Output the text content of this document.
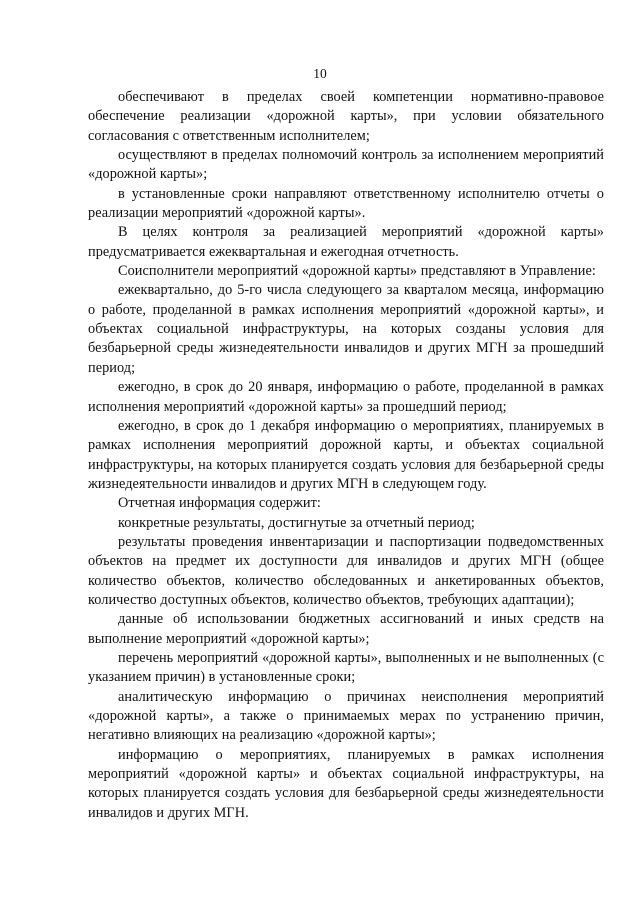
10

обеспечивают в пределах своей компетенции нормативно-правовое обеспечение реализации «дорожной карты», при условии обязательного согласования с ответственным исполнителем;

осуществляют в пределах полномочий контроль за исполнением мероприятий «дорожной карты»;

в установленные сроки направляют ответственному исполнителю отчеты о реализации мероприятий «дорожной карты».

В целях контроля за реализацией мероприятий «дорожной карты» предусматривается ежеквартальная и ежегодная отчетность.

Соисполнители мероприятий «дорожной карты» представляют в Управление:

ежеквартально, до 5-го числа следующего за кварталом месяца, информацию о работе, проделанной в рамках исполнения мероприятий «дорожной карты», и объектах социальной инфраструктуры, на которых созданы условия для безбарьерной среды жизнедеятельности инвалидов и других МГН за прошедший период;

ежегодно, в срок до 20 января, информацию о работе, проделанной в рамках исполнения мероприятий «дорожной карты» за прошедший период;

ежегодно, в срок до 1 декабря информацию о мероприятиях, планируемых в рамках исполнения мероприятий дорожной карты, и объектах социальной инфраструктуры, на которых планируется создать условия для безбарьерной среды жизнедеятельности инвалидов и других МГН в следующем году.

Отчетная информация содержит:

конкретные результаты, достигнутые за отчетный период;

результаты проведения инвентаризации и паспортизации подведомственных объектов на предмет их доступности для инвалидов и других МГН (общее количество объектов, количество обследованных и анкетированных объектов, количество доступных объектов, количество объектов, требующих адаптации);

данные об использовании бюджетных ассигнований и иных средств на выполнение мероприятий «дорожной карты»;

перечень мероприятий «дорожной карты», выполненных и не выполненных (с указанием причин) в установленные сроки;

аналитическую информацию о причинах неисполнения мероприятий «дорожной карты», а также о принимаемых мерах по устранению причин, негативно влияющих на реализацию «дорожной карты»;

информацию о мероприятиях, планируемых в рамках исполнения мероприятий «дорожной карты» и объектах социальной инфраструктуры, на которых планируется создать условия для безбарьерной среды жизнедеятельности инвалидов и других МГН.
